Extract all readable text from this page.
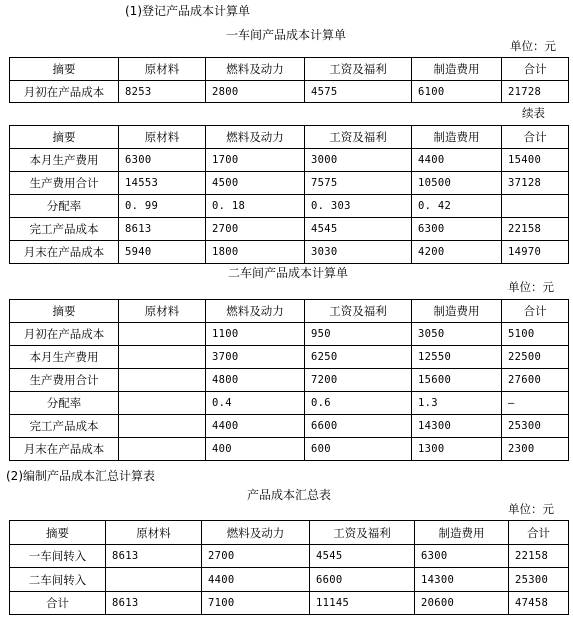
(1)登记产品成本计算单
一车间产品成本计算单
单位：元
摘要	原材料	燃料及动力	工资及福利	制造费用	合计
月初在产品成本	8253	2800	4575	6100	21728
续表
摘要	原材料	燃料及动力	工资及福利	制造费用	合计
本月生产费用	6300	1700	3000	4400	15400
生产费用合计	14553	4500	7575	10500	37128
分配率	0. 99	0. 18	0. 303	0. 42	
完工产品成本	8613	2700	4545	6300	22158
月末在产品成本	5940	1800	3030	4200	14970
二车间产品成本计算单
单位：元
摘要	原材料	燃料及动力	工资及福利	制造费用	合计
月初在产品成本		1100	950	3050	5100
本月生产费用		3700	6250	12550	22500
生产费用合计		4800	7200	15600	27600
分配率		0.4	0.6	1.3	—
完工产品成本		4400	6600	14300	25300
月末在产品成本		400	600	1300	2300
(2)编制产品成本汇总计算表
产品成本汇总表
单位：元
摘要	原材料	燃料及动力	工资及福利	制造费用	合计
一车间转入	8613	2700	4545	6300	22158
二车间转入		4400	6600	14300	25300
合计	8613	7100	11145	20600	47458
